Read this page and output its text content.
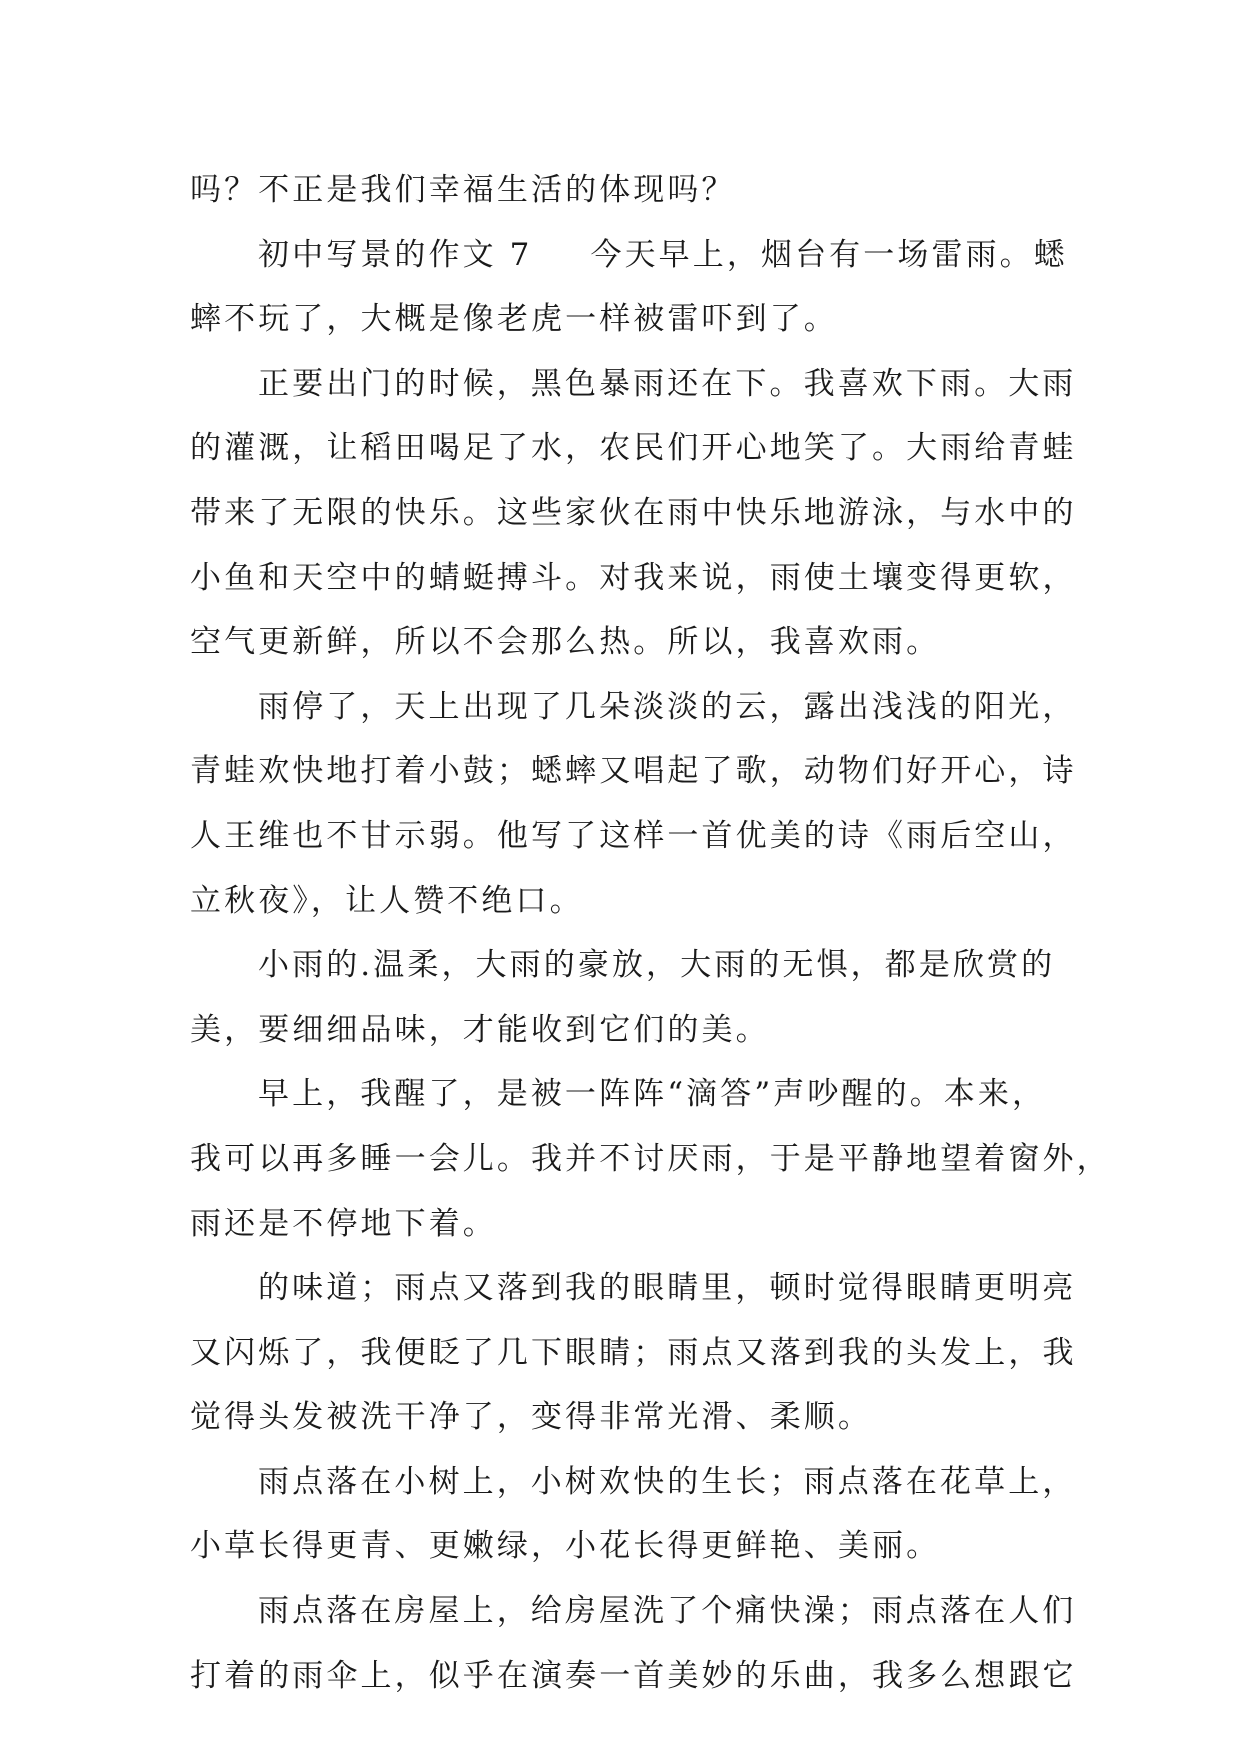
吗？不正是我们幸福生活的体现吗？

初中写景的作文 7 今天早上，烟台有一场雷雨。蟋
蟀不玩了，大概是像老虎一样被雷吓到了。

正要出门的时候，黑色暴雨还在下。我喜欢下雨。大雨
的灌溉，让稻田喝足了水，农民们开心地笑了。大雨给青蛙
带来了无限的快乐。这些家伙在雨中快乐地游泳，与水中的
小鱼和天空中的蜻蜓搏斗。对我来说，雨使土壤变得更软，
空气更新鲜，所以不会那么热。所以，我喜欢雨。

雨停了，天上出现了几朵淡淡的云，露出浅浅的阳光，
青蛙欢快地打着小鼓；蟋蟀又唱起了歌，动物们好开心，诗
人王维也不甘示弱。他写了这样一首优美的诗《雨后空山，
立秋夜》，让人赞不绝口。

小雨的.温柔，大雨的豪放，大雨的无惧，都是欣赏的
美，要细细品味，才能收到它们的美。

早上，我醒了，是被一阵阵“滴答”声吵醒的。本来，
我可以再多睡一会儿。我并不讨厌雨，于是平静地望着窗外，
雨还是不停地下着。

的味道；雨点又落到我的眼睛里，顿时觉得眼睛更明亮
又闪烁了，我便眨了几下眼睛；雨点又落到我的头发上，我
觉得头发被洗干净了，变得非常光滑、柔顺。

雨点落在小树上，小树欢快的生长；雨点落在花草上，
小草长得更青、更嫩绿，小花长得更鲜艳、美丽。

雨点落在房屋上，给房屋洗了个痛快澡；雨点落在人们
打着的雨伞上，似乎在演奏一首美妙的乐曲，我多么想跟它
